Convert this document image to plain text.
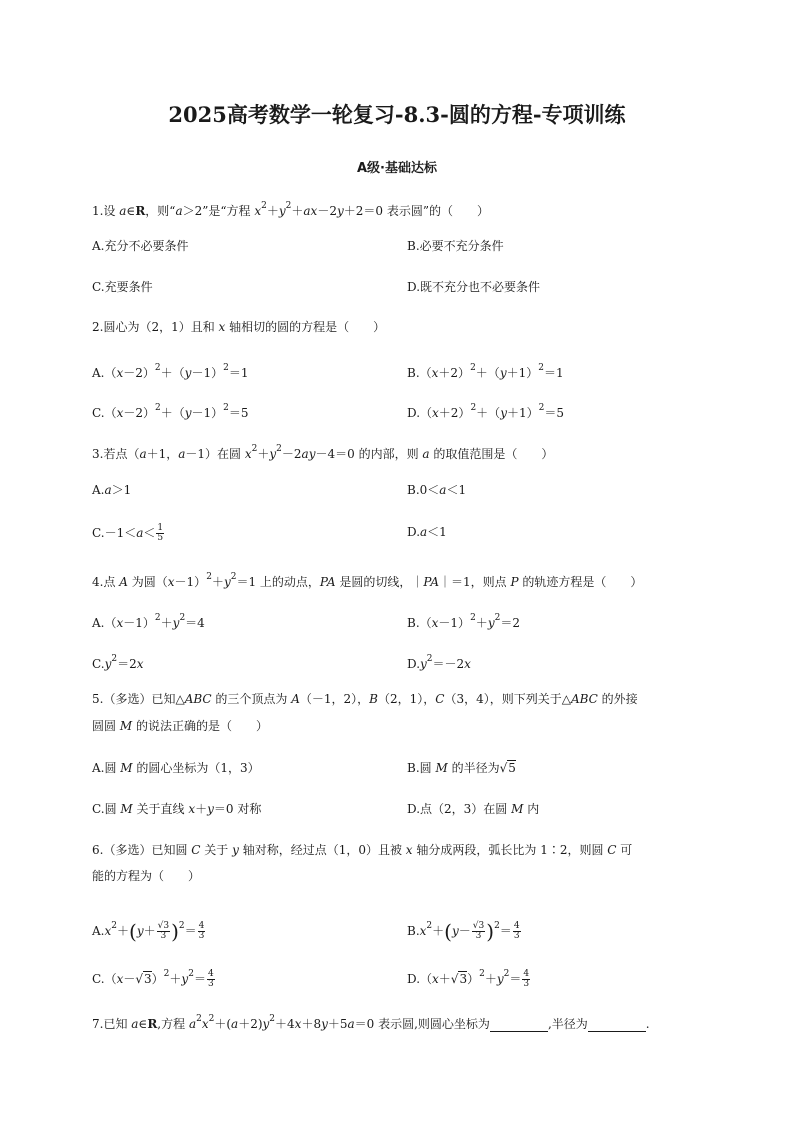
2025高考数学一轮复习-8.3-圆的方程-专项训练
A级·基础达标
1.设 a∈R，则“a＞2”是“方程 $x^2+y^2+ax-2y+2=0$ 表示圆”的（　　）
A.充分不必要条件	B.必要不充分条件
C.充要条件	D.既不充分也不必要条件
2.圆心为（2，1）且和 x 轴相切的圆的方程是（　　）
$A.(x-2)^2+(y-1)^2=1$	$B.(x+2)^2+(y+1)^2=1$
$C.(x-2)^2+(y-1)^2=5$	$D.(x+2)^2+(y+1)^2=5$
3.若点（a＋1，a－1）在圆 $x^2+y^2-2ay-4=0$ 的内部，则 a 的取值范围是（　　）
A.a＞1	B.0＜a＜1
$C.-1<a< \frac{1}{5}$	D.a＜1
4.点 A 为圆$(x-1)^2+y^2=1$ 上的动点，PA 是圆的切线，｜PA｜＝1，则点 P 的轨迹方程是（　　）
$A.(x-1)^2+y^2=4$	$B.(x-1)^2+y^2=2$
$C.y^2=2x$	$D.y^2=-2x$
5.（多选）已知△ABC 的三个顶点为 A（－1，2），B（2，1），C（3，4），则下列关于△ABC 的外接
圆圆 M 的说法正确的是（　　）
A.圆 M 的圆心坐标为（1，3）	B.圆 M 的半径为√5
C.圆 M 关于直线 x＋y＝0 对称	D.点（2，3）在圆 M 内
6.（多选）已知圆 C 关于 y 轴对称，经过点（1，0）且被 x 轴分成两段，弧长比为 1∶2，则圆 C 可
能的方程为（　　）
$A.x^2+(y+ \frac{√3}{3} )^2= \frac{4}{3}$	$B.x^2+(y- \frac{√3}{3} )^2= \frac{4}{3}$
$C.(x-√3)^2+y^2= \frac{4}{3}$	$D.(x+√3)^2+y^2= \frac{4}{3}$
7.已知 a∈R,方程 $a^2x^2+(a+2)y^2+4x+8y+5a=0$ 表示圆,则圆心坐标为	,半径为	.
